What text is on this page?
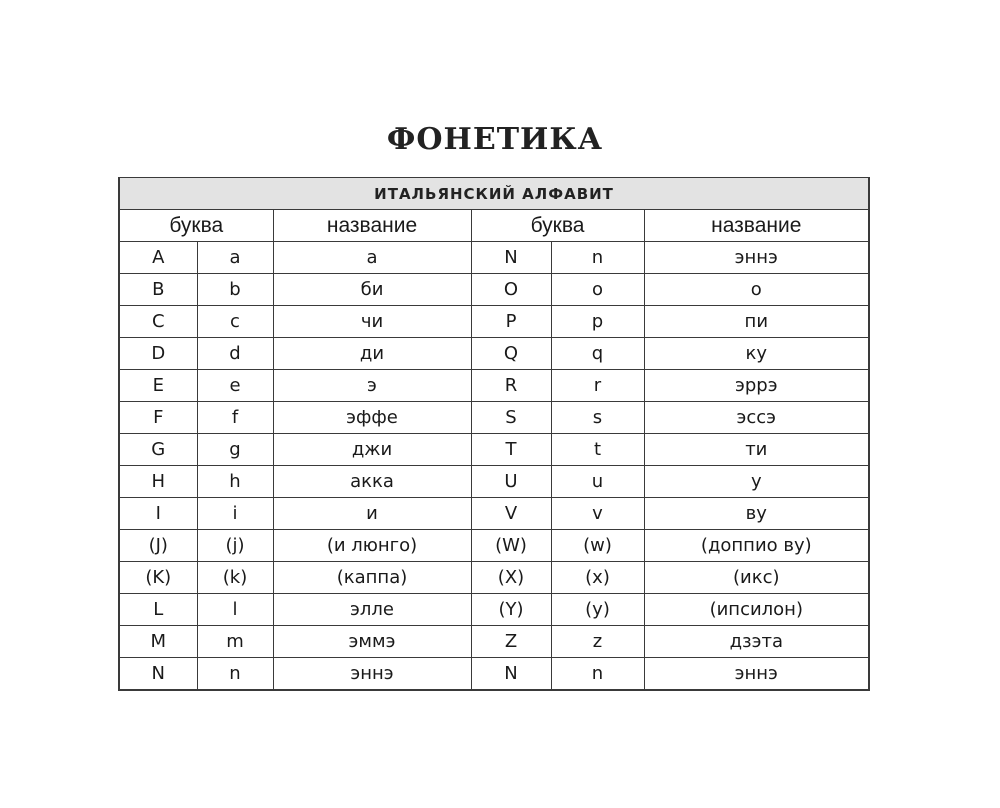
ФОНЕТИКА
ИТАЛЬЯНСКИЙ АЛФАВИТ					
буква		название	буква		название
A	a	а	N	n	эннэ
B	b	би	O	o	о
C	c	чи	P	p	пи
D	d	ди	Q	q	ку
E	e	э	R	r	эррэ
F	f	эффе	S	s	эссэ
G	g	джи	T	t	ти
H	h	акка	U	u	у
I	i	и	V	v	ву
(J)	(j)	(и люнго)	(W)	(w)	(доппио ву)
(K)	(k)	(каппа)	(X)	(x)	(икс)
L	l	элле	(Y)	(y)	(ипсилон)
M	m	эммэ	Z	z	дзэта
N	n	эннэ	N	n	эннэ
